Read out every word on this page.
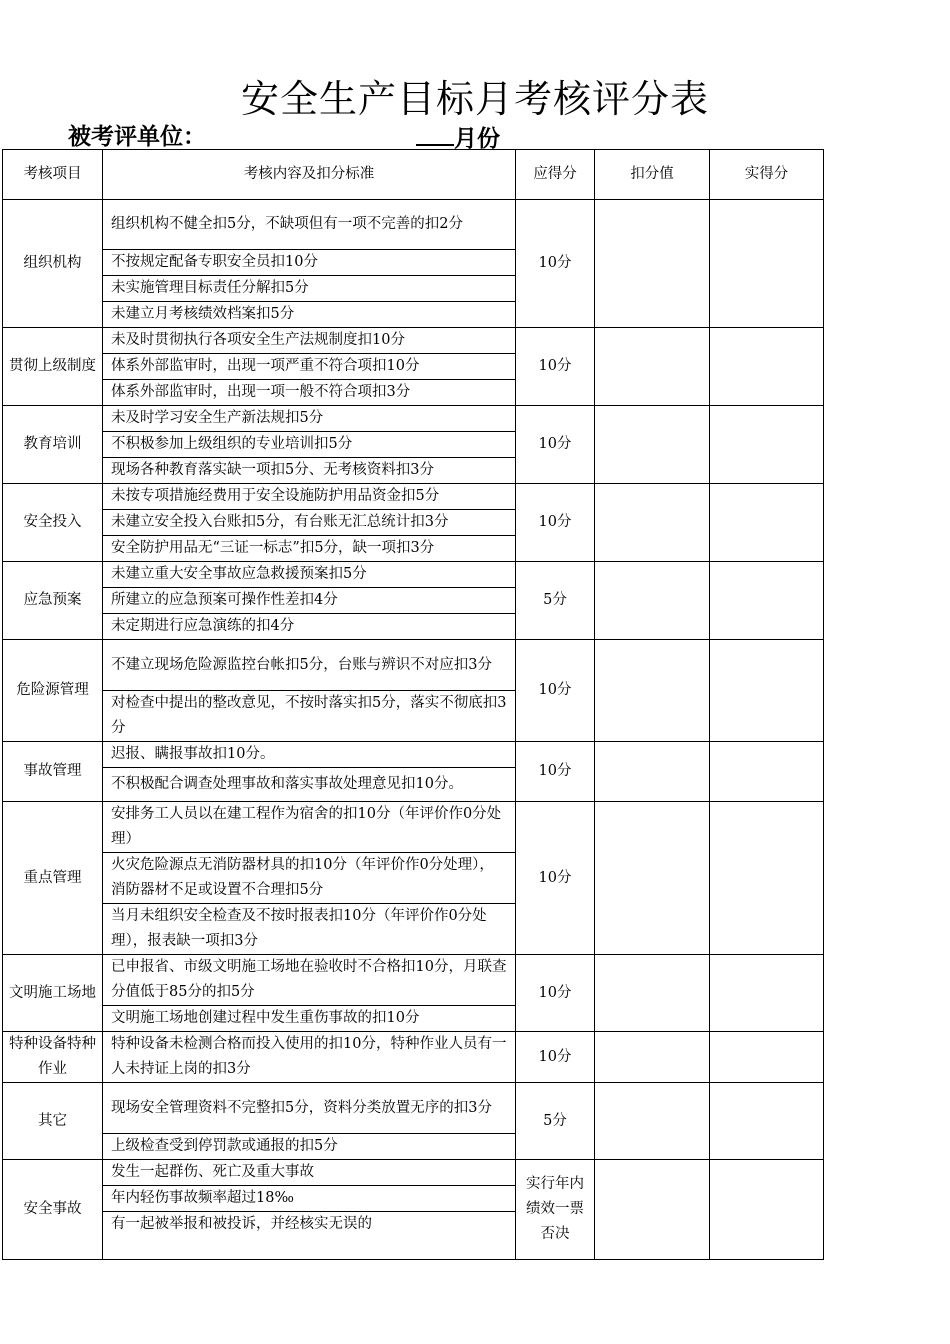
安全生产目标月考核评分表
被考评单位：	月份
考核项目	考核内容及扣分标准	应得分	扣分值	实得分
组织机构	组织机构不健全扣5分，不缺项但有一项不完善的扣2分	10分		
	不按规定配备专职安全员扣10分			
	未实施管理目标责任分解扣5分			
	未建立月考核绩效档案扣5分			
贯彻上级制度	未及时贯彻执行各项安全生产法规制度扣10分	10分		
	体系外部监审时，出现一项严重不符合项扣10分			
	体系外部监审时，出现一项一般不符合项扣3分			
教育培训	未及时学习安全生产新法规扣5分	10分		
	不积极参加上级组织的专业培训扣5分			
	现场各种教育落实缺一项扣5分、无考核资料扣3分			
安全投入	未按专项措施经费用于安全设施防护用品资金扣5分	10分		
	未建立安全投入台账扣5分，有台账无汇总统计扣3分			
	安全防护用品无“三证一标志”扣5分，缺一项扣3分			
应急预案	未建立重大安全事故应急救援预案扣5分	5分		
	所建立的应急预案可操作性差扣4分			
	未定期进行应急演练的扣4分			
危险源管理	不建立现场危险源监控台帐扣5分，台账与辨识不对应扣3分	10分		
	对检查中提出的整改意见，不按时落实扣5分，落实不彻底扣3分			
事故管理	迟报、瞒报事故扣10分。	10分		
	不积极配合调查处理事故和落实事故处理意见扣10分。			
重点管理	安排务工人员以在建工程作为宿舍的扣10分（年评价作0分处理）	10分		
	火灾危险源点无消防器材具的扣10分（年评价作0分处理），消防器材不足或设置不合理扣5分			
	当月未组织安全检查及不按时报表扣10分（年评价作0分处理），报表缺一项扣3分			
文明施工场地	已申报省、市级文明施工场地在验收时不合格扣10分，月联查分值低于85分的扣5分	10分		
	文明施工场地创建过程中发生重伤事故的扣10分			
特种设备特种作业	特种设备未检测合格而投入使用的扣10分，特种作业人员有一人未持证上岗的扣3分	10分		
其它	现场安全管理资料不完整扣5分，资料分类放置无序的扣3分	5分		
	上级检查受到停罚款或通报的扣5分			
安全事故	发生一起群伤、死亡及重大事故	实行年内绩效一票否决		
	年内轻伤事故频率超过18‰			
	有一起被举报和被投诉，并经核实无误的			
